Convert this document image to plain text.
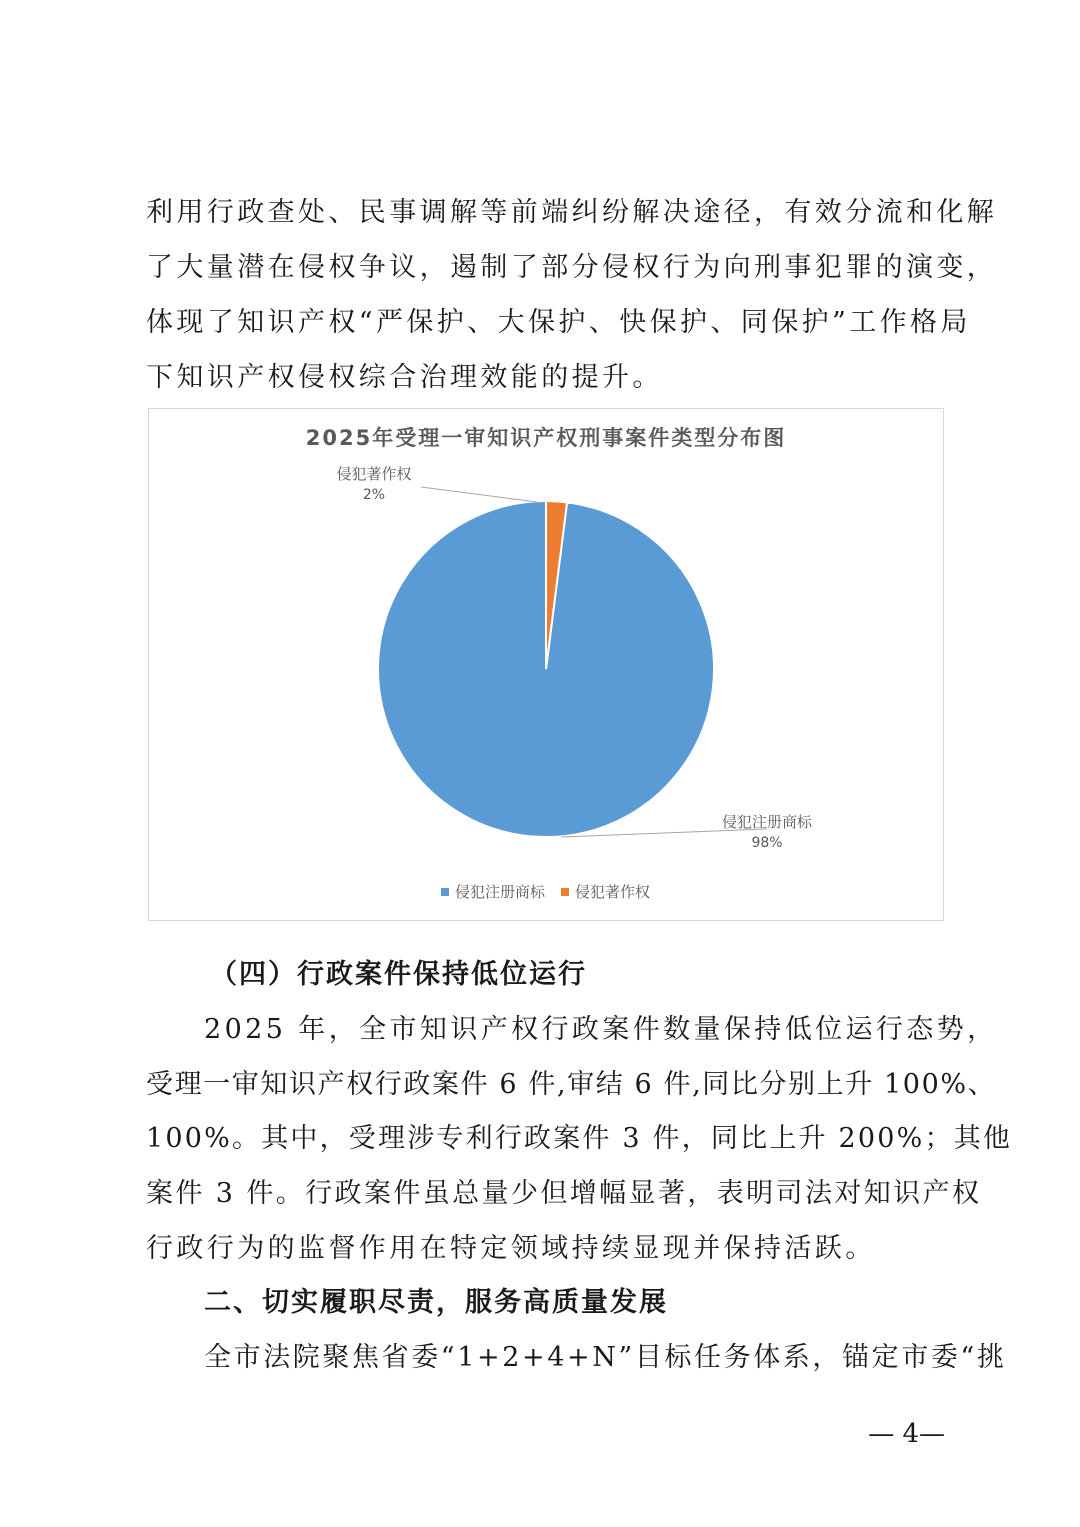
利用行政查处、民事调解等前端纠纷解决途径，有效分流和化解
了大量潜在侵权争议，遏制了部分侵权行为向刑事犯罪的演变，
体现了知识产权“严保护、大保护、快保护、同保护”工作格局
下知识产权侵权综合治理效能的提升。
2025年受理一审知识产权刑事案件类型分布图
侵犯注册商标
98%
侵犯著作权
2%
侵犯注册商标 侵犯著作权
（四）行政案件保持低位运行
2025 年，全市知识产权行政案件数量保持低位运行态势，
受理一审知识产权行政案件 6 件,审结 6 件,同比分别上升 100%、
100%。其中，受理涉专利行政案件 3 件，同比上升 200%；其他
案件 3 件。行政案件虽总量少但增幅显著，表明司法对知识产权
行政行为的监督作用在特定领域持续显现并保持活跃。
二、切实履职尽责，服务高质量发展
全市法院聚焦省委“1+2+4+N”目标任务体系，锚定市委“挑
— 4—
